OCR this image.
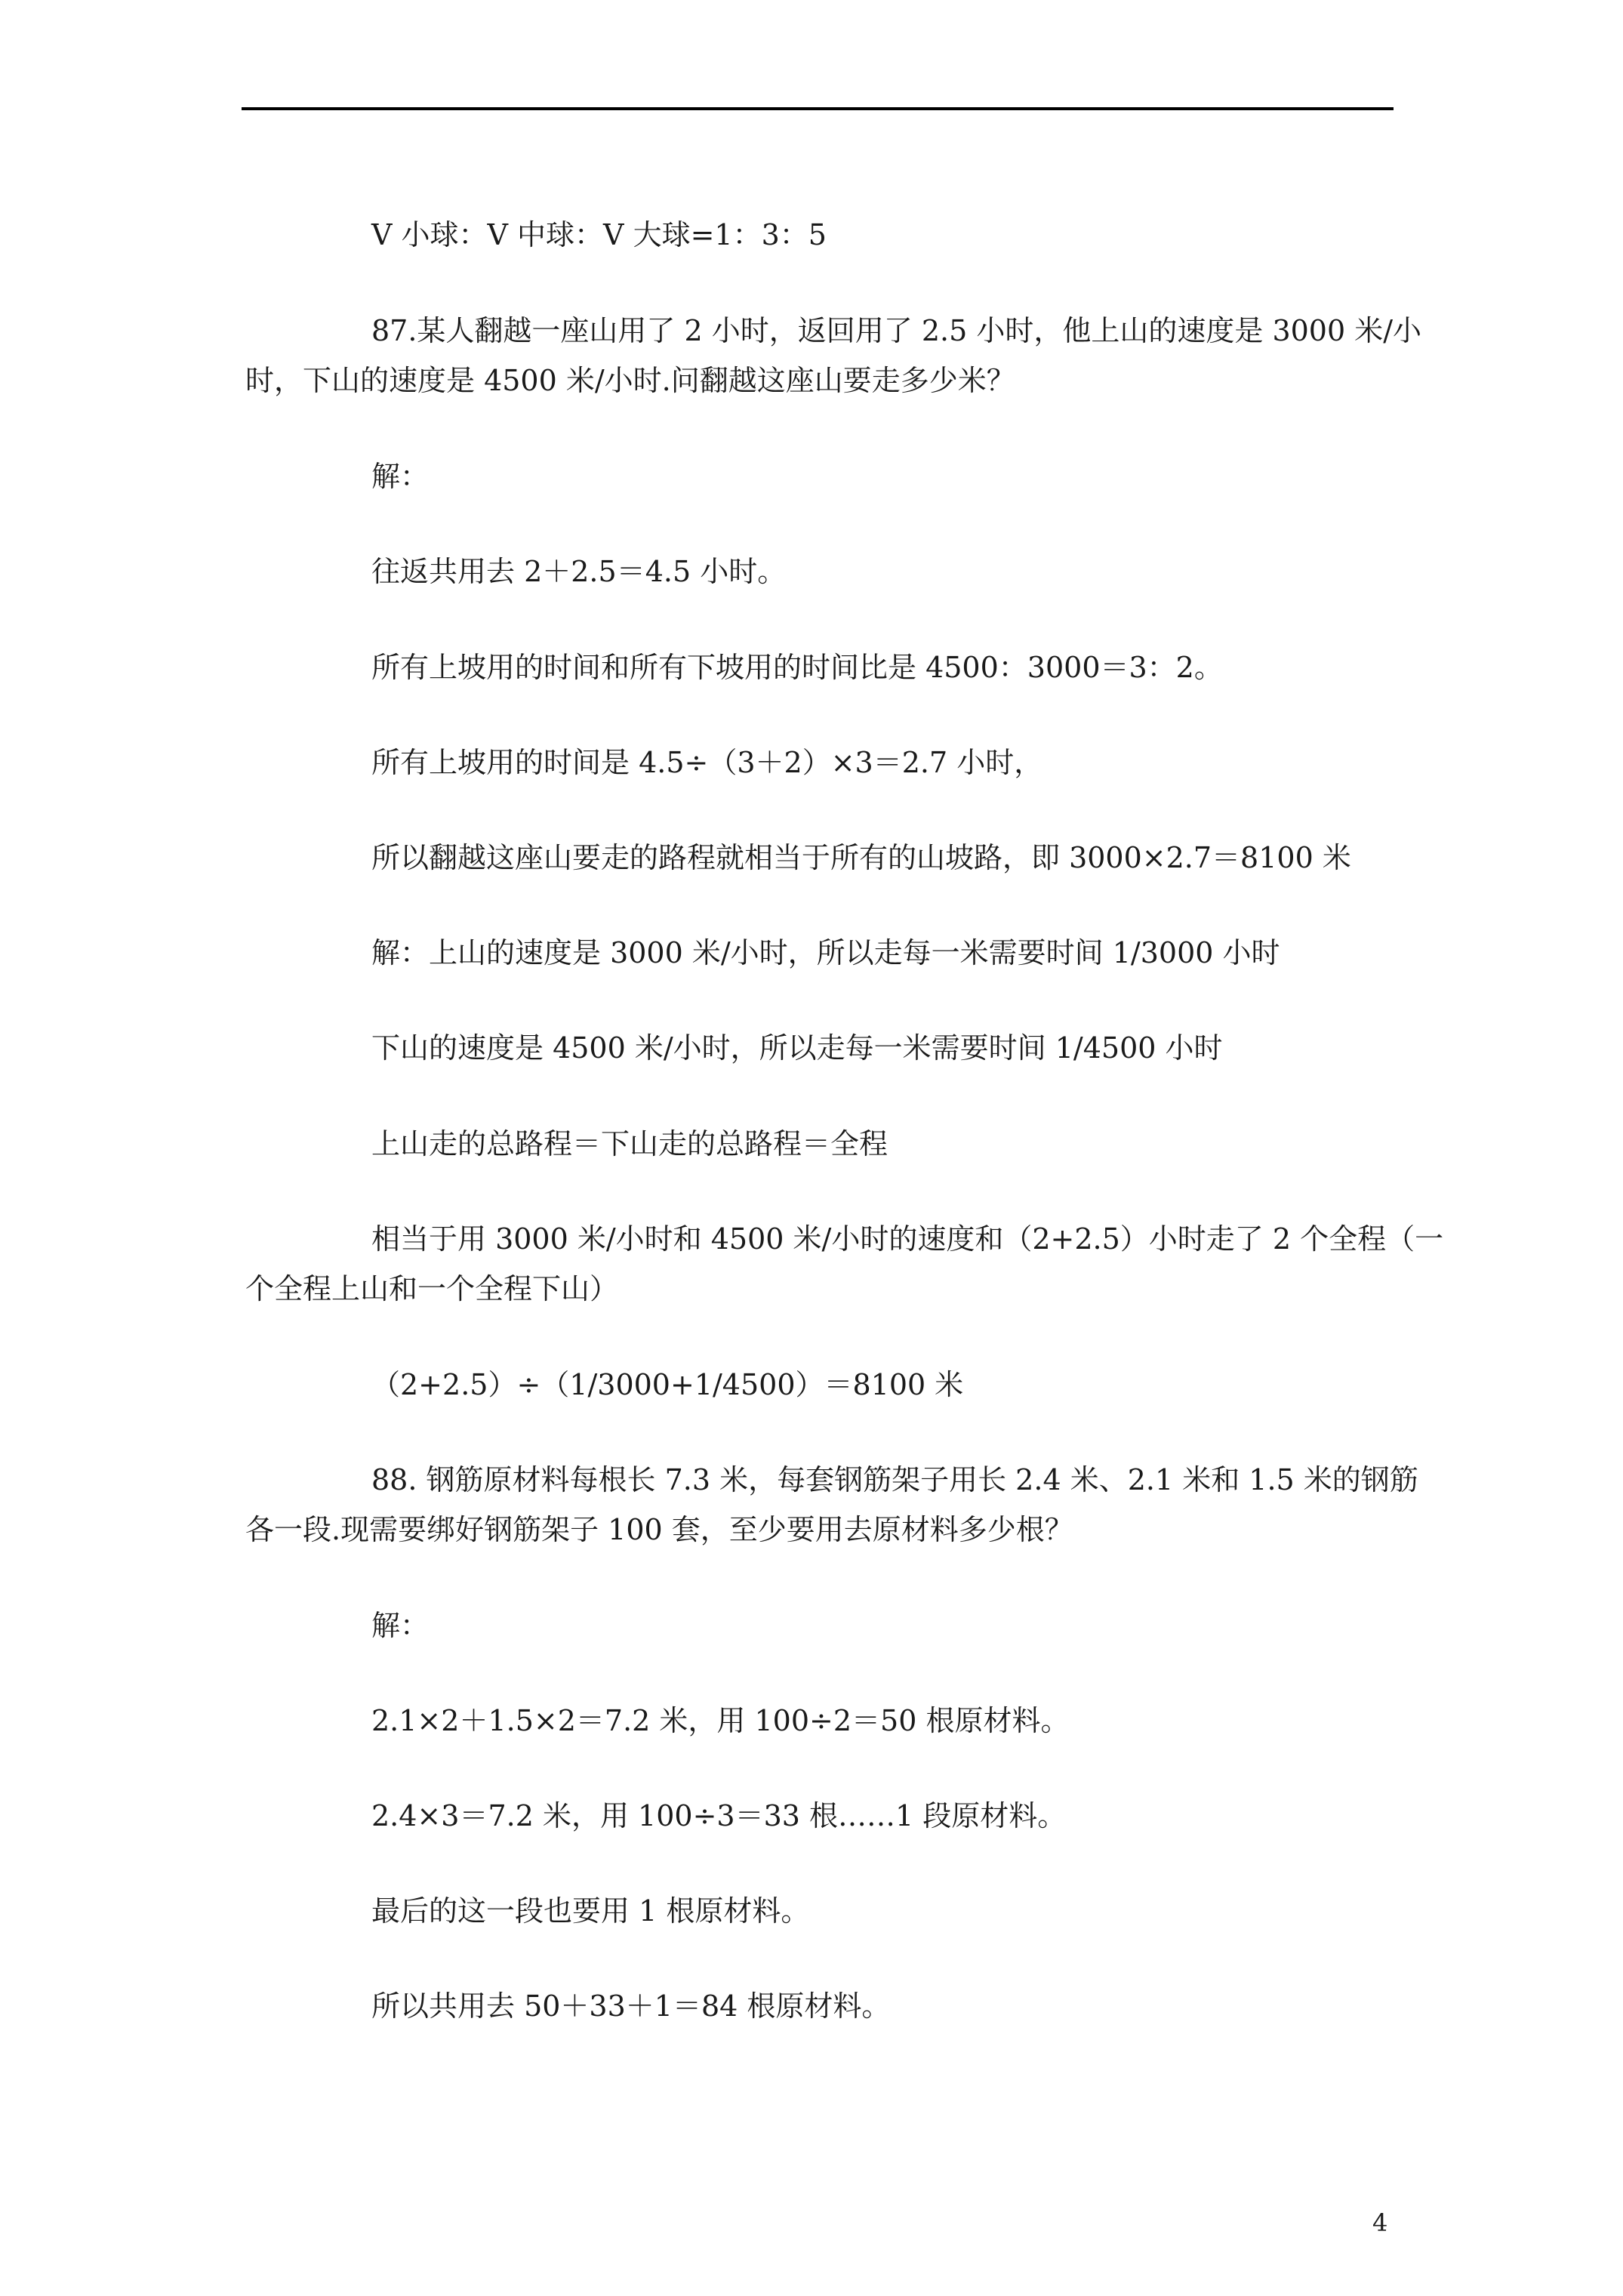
V 小球：V 中球：V 大球=1：3：5
87.某人翻越一座山用了 2 小时，返回用了 2.5 小时，他上山的速度是 3000 米/小
时，下山的速度是 4500 米/小时.问翻越这座山要走多少米？
解：
往返共用去 2＋2.5＝4.5 小时。
所有上坡用的时间和所有下坡用的时间比是 4500：3000＝3：2。
所有上坡用的时间是 4.5÷（3＋2）×3＝2.7 小时，
所以翻越这座山要走的路程就相当于所有的山坡路，即 3000×2.7＝8100 米
解：上山的速度是 3000 米/小时，所以走每一米需要时间 1/3000 小时
下山的速度是 4500 米/小时，所以走每一米需要时间 1/4500 小时
上山走的总路程＝下山走的总路程＝全程
相当于用 3000 米/小时和 4500 米/小时的速度和（2+2.5）小时走了 2 个全程（一
个全程上山和一个全程下山）
（2+2.5）÷（1/3000+1/4500）＝8100 米
88. 钢筋原材料每根长 7.3 米，每套钢筋架子用长 2.4 米、2.1 米和 1.5 米的钢筋
各一段.现需要绑好钢筋架子 100 套，至少要用去原材料多少根？
解：
2.1×2＋1.5×2＝7.2 米，用 100÷2＝50 根原材料。
2.4×3＝7.2 米，用 100÷3＝33 根……1 段原材料。
最后的这一段也要用 1 根原材料。
所以共用去 50＋33＋1＝84 根原材料。
4
